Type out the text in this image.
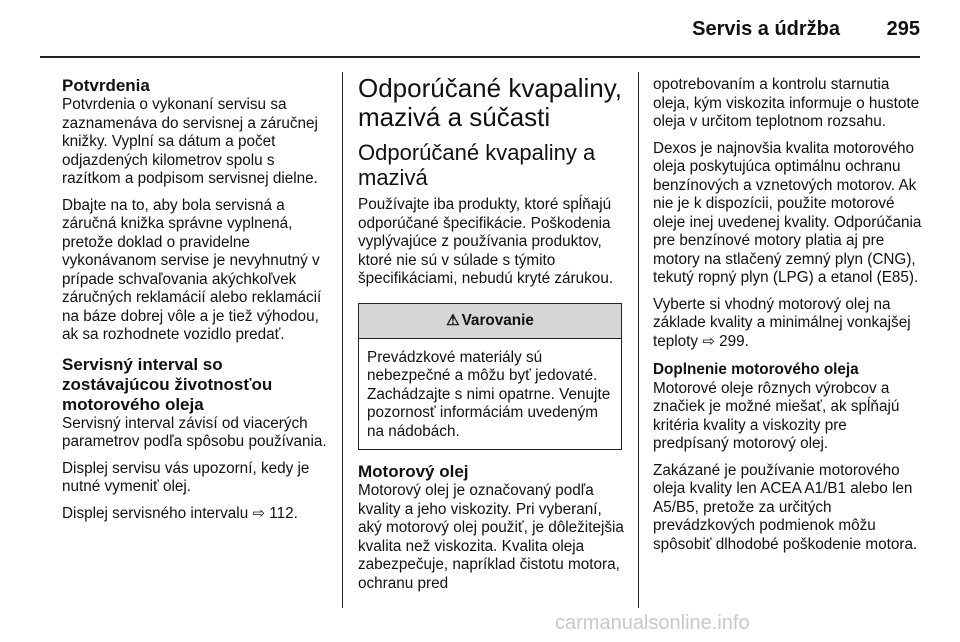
Servis a údržba 295
Potvrdenia

Potvrdenia o vykonaní servisu sa zaznamenáva do servisnej a záručnej knižky. Vyplní sa dátum a počet odjazdených kilometrov spolu s razítkom a podpisom servisnej dielne.

Dbajte na to, aby bola servisná a záručná knižka správne vyplnená, pretože doklad o pravidelne vykonávanom servise je nevyhnutný v prípade schvaľovania akýchkoľvek záručných reklamácií alebo reklamácií na báze dobrej vôle a je tiež výhodou, ak sa rozhodnete vozidlo predať.

Servisný interval so zostávajúcou životnosťou motorového oleja

Servisný interval závisí od viacerých parametrov podľa spôsobu používania.

Displej servisu vás upozorní, kedy je nutné vymeniť olej.

Displej servisného intervalu ⇨ 112.

Odporúčané kvapaliny, mazivá a súčasti
Odporúčané kvapaliny a mazivá

Používajte iba produkty, ktoré spĺňajú odporúčané špecifikácie. Poškodenia vyplývajúce z používania produktov, ktoré nie sú v súlade s týmito špecifikáciami, nebudú kryté zárukou.

⚠ Varovanie

Prevádzkové materiály sú nebezpečné a môžu byť jedovaté. Zachádzajte s nimi opatrne. Venujte pozornosť informáciám uvedeným na nádobách.

Motorový olej

Motorový olej je označovaný podľa kvality a jeho viskozity. Pri vyberaní, aký motorový olej použiť, je dôležitejšia kvalita než viskozita. Kvalita oleja zabezpečuje, napríklad čistotu motora, ochranu pred

opotrebovaním a kontrolu starnutia oleja, kým viskozita informuje o hustote oleja v určitom teplotnom rozsahu.

Dexos je najnovšia kvalita motorového oleja poskytujúca optimálnu ochranu benzínových a vznetových motorov. Ak nie je k dispozícii, použite motorové oleje inej uvedenej kvality. Odporúčania pre benzínové motory platia aj pre motory na stlačený zemný plyn (CNG), tekutý ropný plyn (LPG) a etanol (E85).

Vyberte si vhodný motorový olej na základe kvality a minimálnej vonkajšej teploty ⇨ 299.

Doplnenie motorového oleja

Motorové oleje rôznych výrobcov a značiek je možné miešať, ak spĺňajú kritéria kvality a viskozity pre predpísaný motorový olej.

Zakázané je používanie motorového oleja kvality len ACEA A1/B1 alebo len A5/B5, pretože za určitých prevádzkových podmienok môžu spôsobiť dlhodobé poškodenie motora.

carmanualsonline.info
